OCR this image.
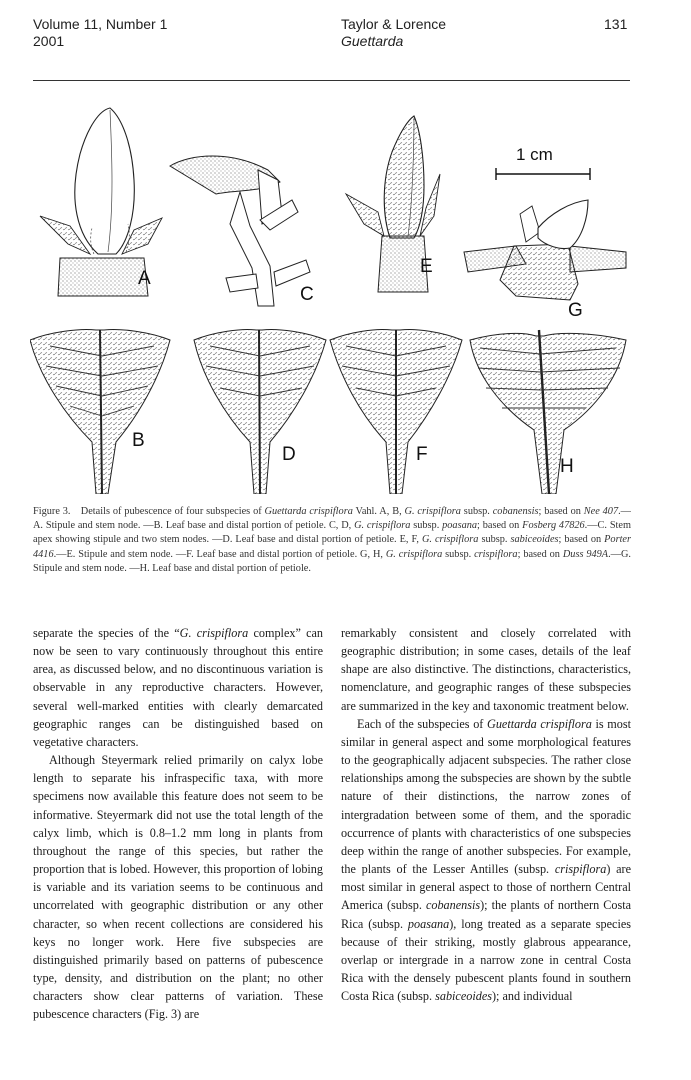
Volume 11, Number 1
2001
Taylor & Lorence
Guettarda
131
1 cm
A
B
C
D
E
F
G
H
Figure 3. Details of pubescence of four subspecies of Guettarda crispiflora Vahl. A, B, G. crispiflora subsp. cobanensis; based on Nee 407.—A. Stipule and stem node. —B. Leaf base and distal portion of petiole. C, D, G. crispiflora subsp. poasana; based on Fosberg 47826.—C. Stem apex showing stipule and two stem nodes. —D. Leaf base and distal portion of petiole. E, F, G. crispiflora subsp. sabiceoides; based on Porter 4416.—E. Stipule and stem node. —F. Leaf base and distal portion of petiole. G, H, G. crispiflora subsp. crispiflora; based on Duss 949A.—G. Stipule and stem node. —H. Leaf base and distal portion of petiole.

separate the species of the “G. crispiflora complex” can now be seen to vary continuously throughout this entire area, as discussed below, and no discontinuous variation is observable in any reproductive characters. However, several well-marked entities with clearly demarcated geographic ranges can be distinguished based on vegetative characters.

Although Steyermark relied primarily on calyx lobe length to separate his infraspecific taxa, with more specimens now available this feature does not seem to be informative. Steyermark did not use the total length of the calyx limb, which is 0.8–1.2 mm long in plants from throughout the range of this species, but rather the proportion that is lobed. However, this proportion of lobing is variable and its variation seems to be continuous and uncorrelated with geographic distribution or any other character, so when recent collections are considered his keys no longer work. Here five subspecies are distinguished primarily based on patterns of pubescence type, density, and distribution on the plant; no other characters show clear patterns of variation. These pubescence characters (Fig. 3) are

remarkably consistent and closely correlated with geographic distribution; in some cases, details of the leaf shape are also distinctive. The distinctions, characteristics, nomenclature, and geographic ranges of these subspecies are summarized in the key and taxonomic treatment below.

Each of the subspecies of Guettarda crispiflora is most similar in general aspect and some morphological features to the geographically adjacent subspecies. The rather close relationships among the subspecies are shown by the subtle nature of their distinctions, the narrow zones of intergradation between some of them, and the sporadic occurrence of plants with characteristics of one subspecies deep within the range of another subspecies. For example, the plants of the Lesser Antilles (subsp. crispiflora) are most similar in general aspect to those of northern Central America (subsp. cobanensis); the plants of northern Costa Rica (subsp. poasana), long treated as a separate species because of their striking, mostly glabrous appearance, overlap or intergrade in a narrow zone in central Costa Rica with the densely pubescent plants found in southern Costa Rica (subsp. sabiceoides); and individual
